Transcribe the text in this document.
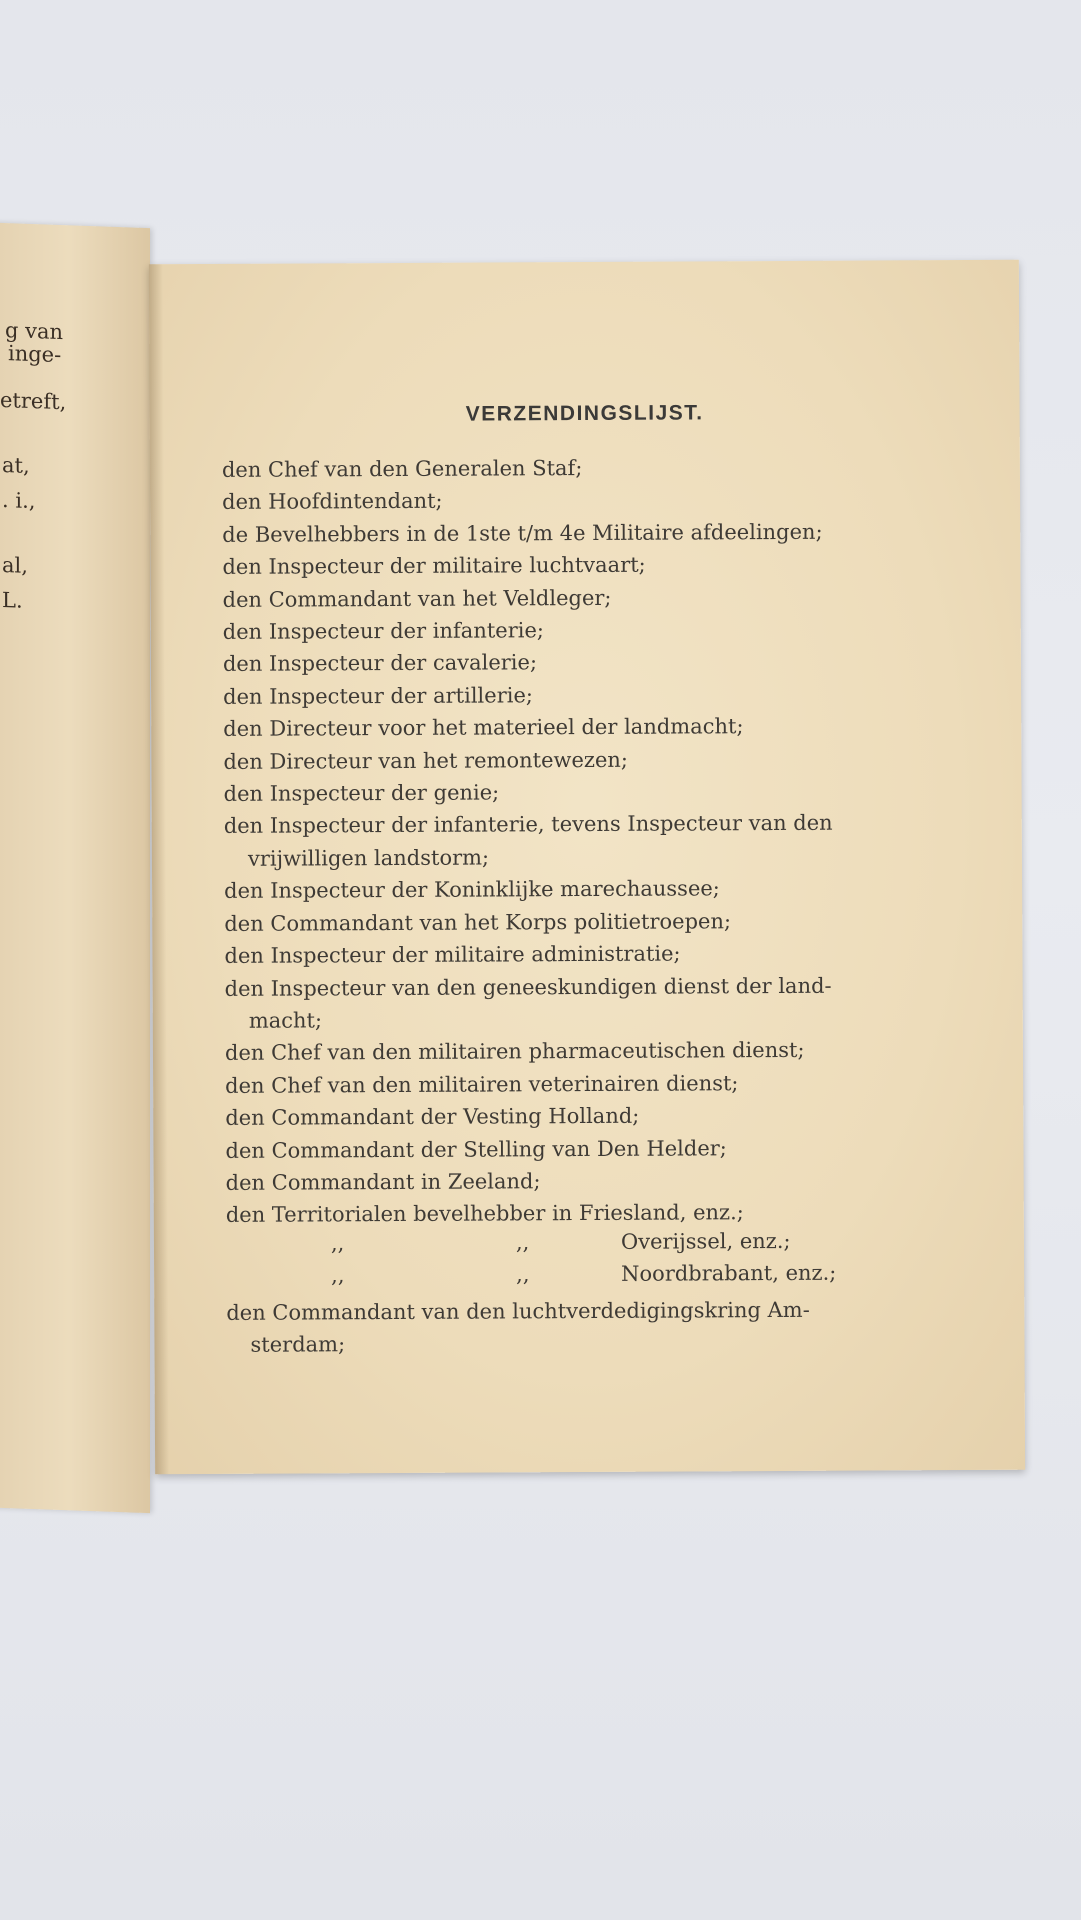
g van
inge-
etreft,
at,
. i.,
al,
L.
VERZENDINGSLIJST.
den Chef van den Generalen Staf;
den Hoofdintendant;
de Bevelhebbers in de 1ste t/m 4e Militaire afdeelingen;
den Inspecteur der militaire luchtvaart;
den Commandant van het Veldleger;
den Inspecteur der infanterie;
den Inspecteur der cavalerie;
den Inspecteur der artillerie;
den Directeur voor het materieel der landmacht;
den Directeur van het remontewezen;
den Inspecteur der genie;
den Inspecteur der infanterie, tevens Inspecteur van den
vrijwilligen landstorm;
den Inspecteur der Koninklijke marechaussee;
den Commandant van het Korps politietroepen;
den Inspecteur der militaire administratie;
den Inspecteur van den geneeskundigen dienst der land-
macht;
den Chef van den militairen pharmaceutischen dienst;
den Chef van den militairen veterinairen dienst;
den Commandant der Vesting Holland;
den Commandant der Stelling van Den Helder;
den Commandant in Zeeland;
den Territorialen bevelhebber in Friesland, enz.;
,,	,,	Overijssel, enz.;
,,	,,	Noordbrabant, enz.;
den Commandant van den luchtverdedigingskring Am-
sterdam;
